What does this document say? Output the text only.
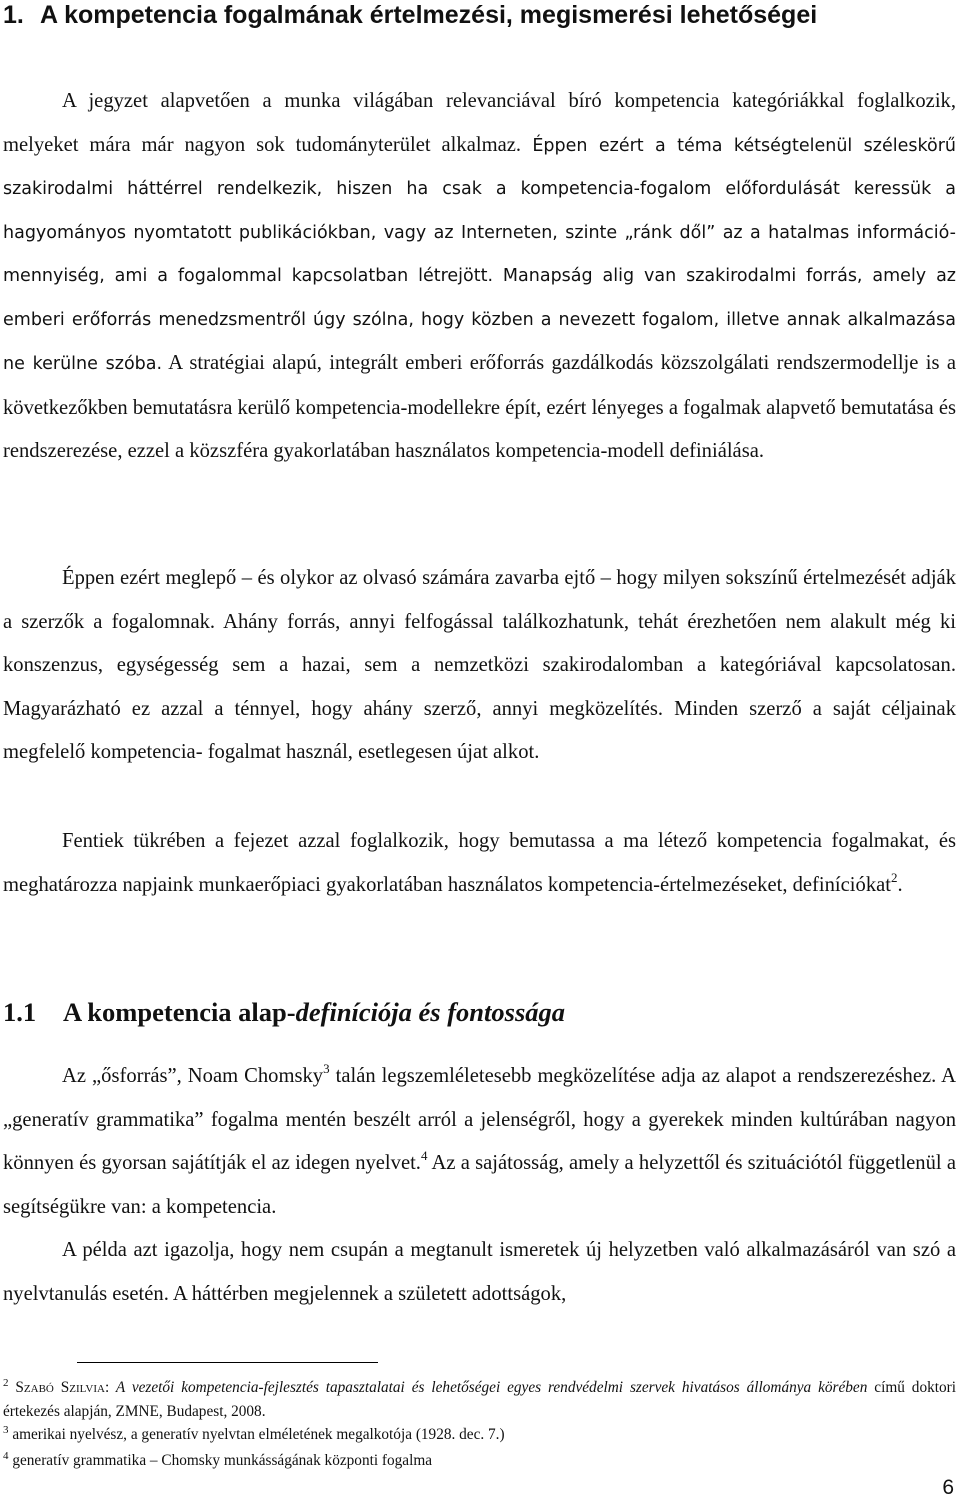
1. A kompetencia fogalmának értelmezési, megismerési lehetőségei

A jegyzet alapvetően a munka világában relevanciával bíró kompetencia kategóriákkal foglalkozik, melyeket mára már nagyon sok tudományterület alkalmaz. Éppen ezért a téma kétségtelenül széleskörű szakirodalmi háttérrel rendelkezik, hiszen ha csak a kompetencia-fogalom előfordulását keressük a hagyományos nyomtatott publikációkban, vagy az Interneten, szinte „ránk dől” az a hatalmas információ-mennyiség, ami a fogalommal kapcsolatban létrejött. Manapság alig van szakirodalmi forrás, amely az emberi erőforrás menedzsmentről úgy szólna, hogy közben a nevezett fogalom, illetve annak alkalmazása ne kerülne szóba. A stratégiai alapú, integrált emberi erőforrás gazdálkodás közszolgálati rendszermodellje is a következőkben bemutatásra kerülő kompetencia-modellekre épít, ezért lényeges a fogalmak alapvető bemutatása és rendszerezése, ezzel a közszféra gyakorlatában használatos kompetencia-modell definiálása.

Éppen ezért meglepő – és olykor az olvasó számára zavarba ejtő – hogy milyen sokszínű értelmezését adják a szerzők a fogalomnak. Ahány forrás, annyi felfogással találkozhatunk, tehát érezhetően nem alakult még ki konszenzus, egységesség sem a hazai, sem a nemzetközi szakirodalomban a kategóriával kapcsolatosan. Magyarázható ez azzal a ténnyel, hogy ahány szerző, annyi megközelítés. Minden szerző a saját céljainak megfelelő kompetencia- fogalmat használ, esetlegesen újat alkot.

Fentiek tükrében a fejezet azzal foglalkozik, hogy bemutassa a ma létező kompetencia fogalmakat, és meghatározza napjaink munkaerőpiaci gyakorlatában használatos kompetencia-értelmezéseket, definíciókat$^2$.

1.1 A kompetencia alap-definíciója és fontossága

Az „ősforrás”, Noam Chomsky$^3$ talán legszemléletesebb megközelítése adja az alapot a rendszerezéshez. A „generatív grammatika” fogalma mentén beszélt arról a jelenségről, hogy a gyerekek minden kultúrában nagyon könnyen és gyorsan sajátítják el az idegen nyelvet.$^4$ Az a sajátosság, amely a helyzettől és szituációtól függetlenül a segítségükre van: a kompetencia.

A példa azt igazolja, hogy nem csupán a megtanult ismeretek új helyzetben való alkalmazásáról van szó a nyelvtanulás esetén. A háttérben megjelennek a született adottságok,

$^2$ Szabó Szilvia: A vezetői kompetencia-fejlesztés tapasztalatai és lehetőségei egyes rendvédelmi szervek hivatásos állománya körében című doktori értekezés alapján, ZMNE, Budapest, 2008.

$^3$ amerikai nyelvész, a generatív nyelvtan elméletének megalkotója (1928. dec. 7.)

$^4$ generatív grammatika – Chomsky munkásságának központi fogalma

6
